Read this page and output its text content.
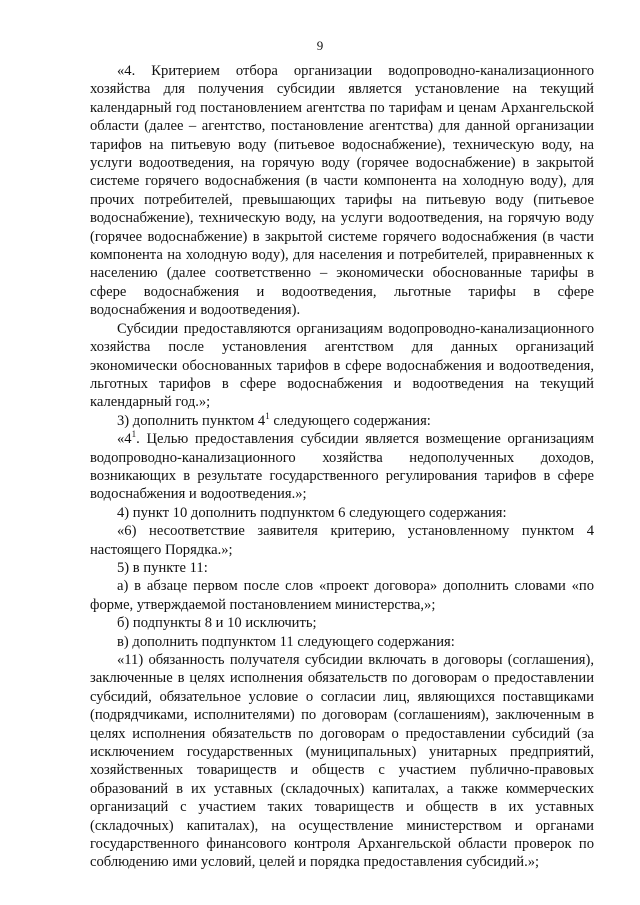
9

«4. Критерием отбора организации водопроводно-канализационного хозяйства для получения субсидии является установление на текущий календарный год постановлением агентства по тарифам и ценам Архангельской области (далее – агентство, постановление агентства) для данной организации тарифов на питьевую воду (питьевое водоснабжение), техническую воду, на услуги водоотведения, на горячую воду (горячее водоснабжение) в закрытой системе горячего водоснабжения (в части компонента на холодную воду), для прочих потребителей, превышающих тарифы на питьевую воду (питьевое водоснабжение), техническую воду, на услуги водоотведения, на горячую воду (горячее водоснабжение) в закрытой системе горячего водоснабжения (в части компонента на холодную воду), для населения и потребителей, приравненных к населению (далее соответственно – экономически обоснованные тарифы в сфере водоснабжения и водоотведения, льготные тарифы в сфере водоснабжения и водоотведения).

Субсидии предоставляются организациям водопроводно-канализационного хозяйства после установления агентством для данных организаций экономически обоснованных тарифов в сфере водоснабжения и водоотведения, льготных тарифов в сфере водоснабжения и водоотведения на текущий календарный год.»;

3) дополнить пунктом $4^1$ следующего содержания:

«$4^1$. Целью предоставления субсидии является возмещение организациям водопроводно-канализационного хозяйства недополученных доходов, возникающих в результате государственного регулирования тарифов в сфере водоснабжения и водоотведения.»;

4) пункт 10 дополнить подпунктом 6 следующего содержания:

«6) несоответствие заявителя критерию, установленному пунктом 4 настоящего Порядка.»;

5) в пункте 11:

а) в абзаце первом после слов «проект договора» дополнить словами «по форме, утверждаемой постановлением министерства,»;

б) подпункты 8 и 10 исключить;

в) дополнить подпунктом 11 следующего содержания:

«11) обязанность получателя субсидии включать в договоры (соглашения), заключенные в целях исполнения обязательств по договорам о предоставлении субсидий, обязательное условие о согласии лиц, являющихся поставщиками (подрядчиками, исполнителями) по договорам (соглашениям), заключенным в целях исполнения обязательств по договорам о предоставлении субсидий (за исключением государственных (муниципальных) унитарных предприятий, хозяйственных товариществ и обществ с участием публично-правовых образований в их уставных (складочных) капиталах, а также коммерческих организаций с участием таких товариществ и обществ в их уставных (складочных) капиталах), на осуществление министерством и органами государственного финансового контроля Архангельской области проверок по соблюдению ими условий, целей и порядка предоставления субсидий.»;
